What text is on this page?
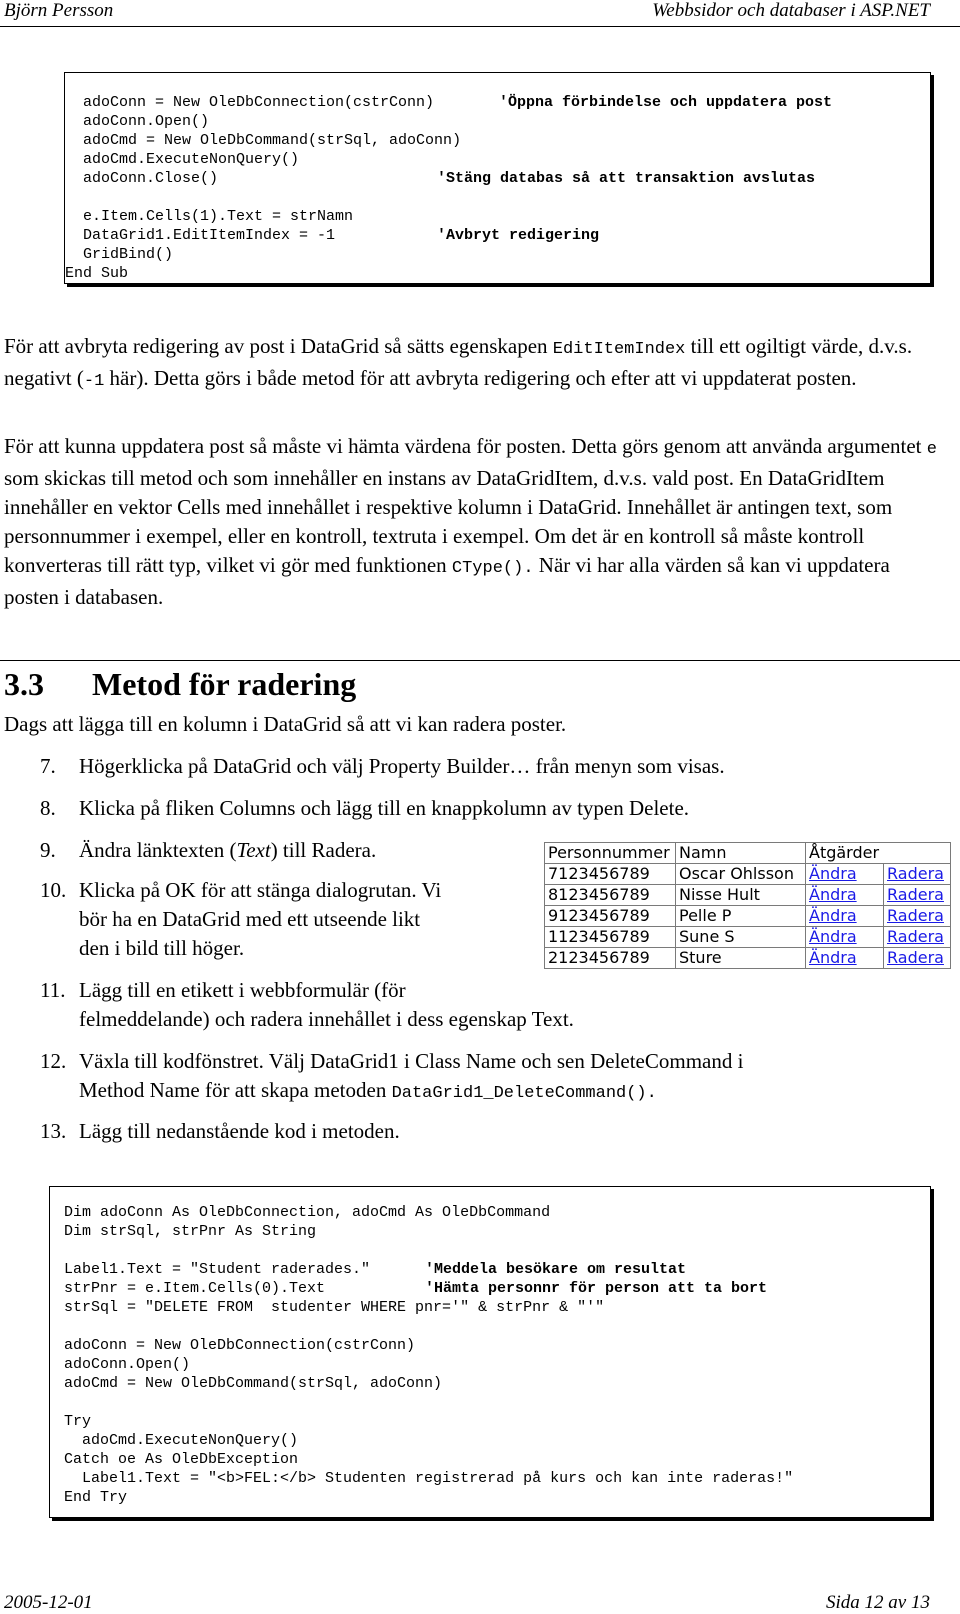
Björn Persson	Webbsidor och databaser i ASP.NET
adoConn = New OleDbConnection(cstrConn)
adoConn.Open()
adoCmd = New OleDbCommand(strSql, adoConn)
adoCmd.ExecuteNonQuery()
adoConn.Close()
e.Item.Cells(1).Text = strNamn
DataGrid1.EditItemIndex = -1
GridBind()
End Sub
'Öppna förbindelse och uppdatera post
'Stäng databas så att transaktion avslutas
'Avbryt redigering

För att avbryta redigering av post i DataGrid så sätts egenskapen EditItemIndex till ett ogiltigt värde, d.v.s. negativt (-1 här). Detta görs i både metod för att avbryta redigering och efter att vi uppdaterat posten.

För att kunna uppdatera post så måste vi hämta värdena för posten. Detta görs genom att använda argumentet e som skickas till metod och som innehåller en instans av DataGridItem, d.v.s. vald post. En DataGridItem innehåller en vektor Cells med innehållet i respektive kolumn i DataGrid. Innehållet är antingen text, som personnummer i exempel, eller en kontroll, textruta i exempel. Om det är en kontroll så måste kontroll konverteras till rätt typ, vilket vi gör med funktionen CType(). När vi har alla värden så kan vi uppdatera posten i databasen.

3.3 Metod för radering

Dags att lägga till en kolumn i DataGrid så att vi kan radera poster.

7. Högerklicka på DataGrid och välj Property Builder… från menyn som visas.
8. Klicka på fliken Columns och lägg till en knappkolumn av typen Delete.
9. Ändra länktexten (Text) till Radera.
10. Klicka på OK för att stänga dialogrutan. Vi
bör ha en DataGrid med ett utseende likt
den i bild till höger.
11. Lägg till en etikett i webbformulär (för
felmeddelande) och radera innehållet i dess egenskap Text.
12. Växla till kodfönstret. Välj DataGrid1 i Class Name och sen DeleteCommand i
Method Name för att skapa metoden DataGrid1_DeleteCommand().
13. Lägg till nedanstående kod i metoden.
Personnummer	Namn	Åtgärder	
7123456789	Oscar Ohlsson	Ändra	Radera
8123456789	Nisse Hult	Ändra	Radera
9123456789	Pelle P	Ändra	Radera
1123456789	Sune S	Ändra	Radera
2123456789	Sture	Ändra	Radera
Dim adoConn As OleDbConnection, adoCmd As OleDbCommand
Dim strSql, strPnr As String
Label1.Text = "Student raderades."
strPnr = e.Item.Cells(0).Text
strSql = "DELETE FROM  studenter WHERE pnr='" & strPnr & "'"
adoConn = New OleDbConnection(cstrConn)
adoConn.Open()
adoCmd = New OleDbCommand(strSql, adoConn)
Try
adoCmd.ExecuteNonQuery()
Catch oe As OleDbException
Label1.Text = "<b>FEL:</b> Studenten registrerad på kurs och kan inte raderas!"
End Try
'Meddela besökare om resultat
'Hämta personnr för person att ta bort
2005-12-01	Sida 12 av 13
